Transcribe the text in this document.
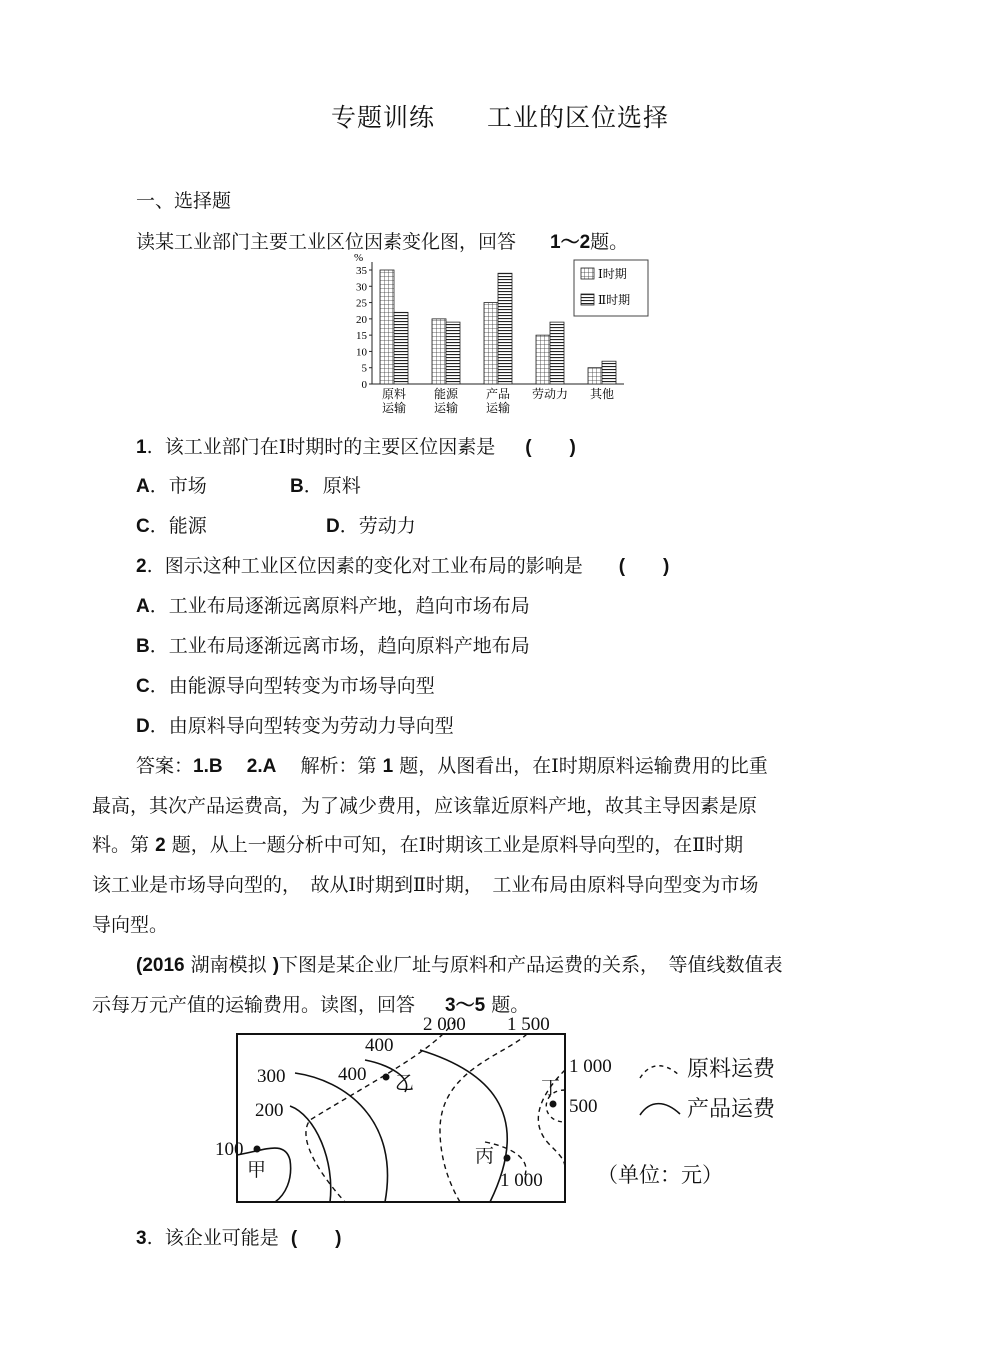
专题训练 工业的区位选择
一、选择题
读某工业部门主要工业区位因素变化图，回答 1～2题。
%
0
5
10
15
20
25
30
35
原料
运输
能源
运输
产品
运输
劳动力 其他
Ⅰ时期
Ⅱ时期
1.  该工业部门在Ⅰ时期时的主要区位因素是 (　　)
A．市场	B．原料
C．能源	D．劳动力
2.  图示这种工业区位因素的变化对工业布局的影响是 (　　)
A．工业布局逐渐远离原料产地，趋向市场布局
B．工业布局逐渐远离市场，趋向原料产地布局
C．由能源导向型转变为市场导向型
D．由原料导向型转变为劳动力导向型
答案：1.B 2.A 解析：第 1 题，从图看出，在Ⅰ时期原料运输费用的比重
最高，其次产品运费高，为了减少费用，应该靠近原料产地，故其主导因素是原
料。第 2 题，从上一题分析中可知，在Ⅰ时期该工业是原料导向型的，在Ⅱ时期
该工业是市场导向型的，　故从Ⅰ时期到Ⅱ时期，　工业布局由原料导向型变为市场
导向型。
(2016 湖南模拟 )下图是某企业厂址与原料和产品运费的关系，　等值线数值表
示每万元产值的运输费用。读图，回答 3～5 题。
2 000 1 500
400
400
300
200
100
1 000
500
1 000
甲
乙
丙
丁
原料运费
产品运费
（单位：元）
3.  该企业可能是 (　　)
